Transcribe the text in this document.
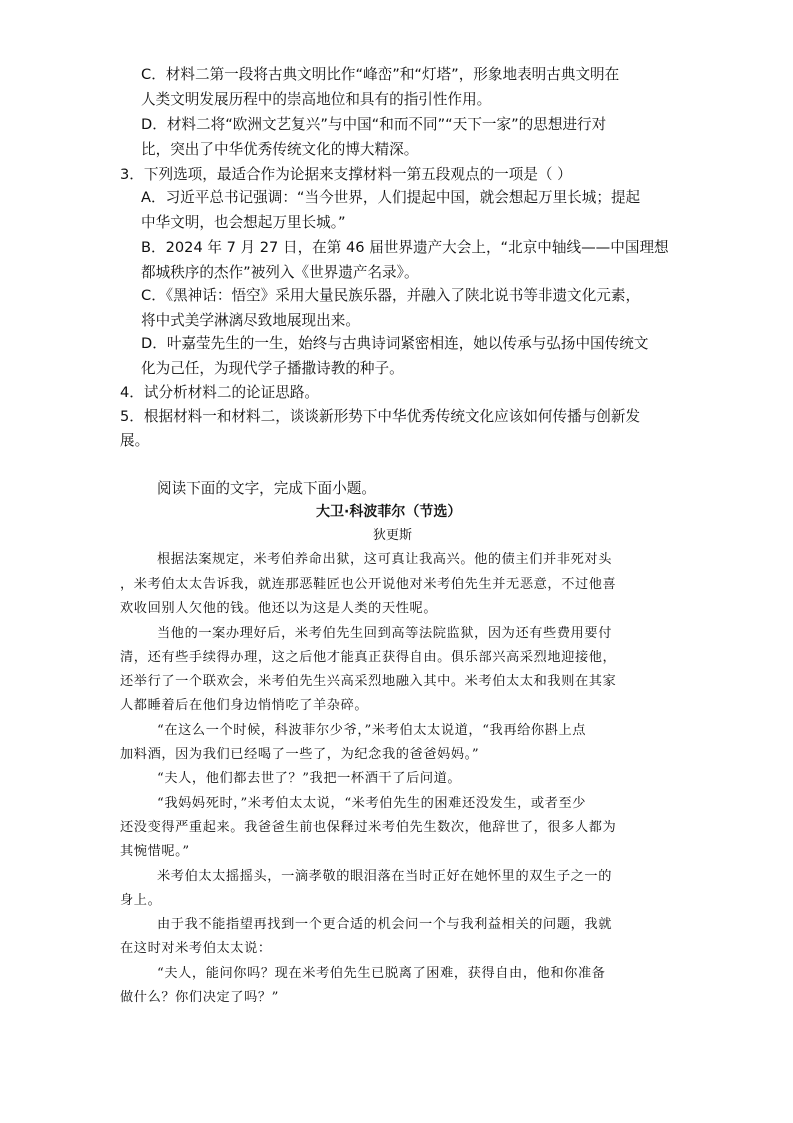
C．材料二第一段将古典文明比作“峰峦”和“灯塔”，形象地表明古典文明在
人类文明发展历程中的崇高地位和具有的指引性作用。
D．材料二将“欧洲文艺复兴”与中国“和而不同”“天下一家”的思想进行对
比，突出了中华优秀传统文化的博大精深。
3．下列选项，最适合作为论据来支撑材料一第五段观点的一项是（ ）
A．习近平总书记强调：“当今世界，人们提起中国，就会想起万里长城；提起
中华文明，也会想起万里长城。”
B．2024 年 7 月 27 日，在第 46 届世界遗产大会上，“北京中轴线——中国理想
都城秩序的杰作”被列入《世界遗产名录》。
C．《黑神话：悟空》采用大量民族乐器，并融入了陕北说书等非遗文化元素，
将中式美学淋漓尽致地展现出来。
D．叶嘉莹先生的一生，始终与古典诗词紧密相连，她以传承与弘扬中国传统文
化为己任，为现代学子播撒诗教的种子。
4．试分析材料二的论证思路。
5．根据材料一和材料二，谈谈新形势下中华优秀传统文化应该如何传播与创新发
展。
阅读下面的文字，完成下面小题。
大卫·科波菲尔（节选）
狄更斯
根据法案规定，米考伯养命出狱，这可真让我高兴。他的债主们并非死对头
，米考伯太太告诉我，就连那恶鞋匠也公开说他对米考伯先生并无恶意，不过他喜
欢收回别人欠他的钱。他还以为这是人类的天性呢。
当他的一案办理好后，米考伯先生回到高等法院监狱，因为还有些费用要付
清，还有些手续得办理，这之后他才能真正获得自由。俱乐部兴高采烈地迎接他，
还举行了一个联欢会，米考伯先生兴高采烈地融入其中。米考伯太太和我则在其家
人都睡着后在他们身边悄悄吃了羊杂碎。
“在这么一个时候，科波菲尔少爷，”米考伯太太说道，“我再给你斟上点
加料酒，因为我们已经喝了一些了，为纪念我的爸爸妈妈。”
“夫人，他们都去世了？”我把一杯酒干了后问道。
“我妈妈死时，”米考伯太太说，“米考伯先生的困难还没发生，或者至少
还没变得严重起来。我爸爸生前也保释过米考伯先生数次，他辞世了，很多人都为
其惋惜呢。”
米考伯太太摇摇头，一滴孝敬的眼泪落在当时正好在她怀里的双生子之一的
身上。
由于我不能指望再找到一个更合适的机会问一个与我利益相关的问题，我就
在这时对米考伯太太说：
“夫人，能问你吗？现在米考伯先生已脱离了困难，获得自由，他和你准备
做什么？你们决定了吗？”
